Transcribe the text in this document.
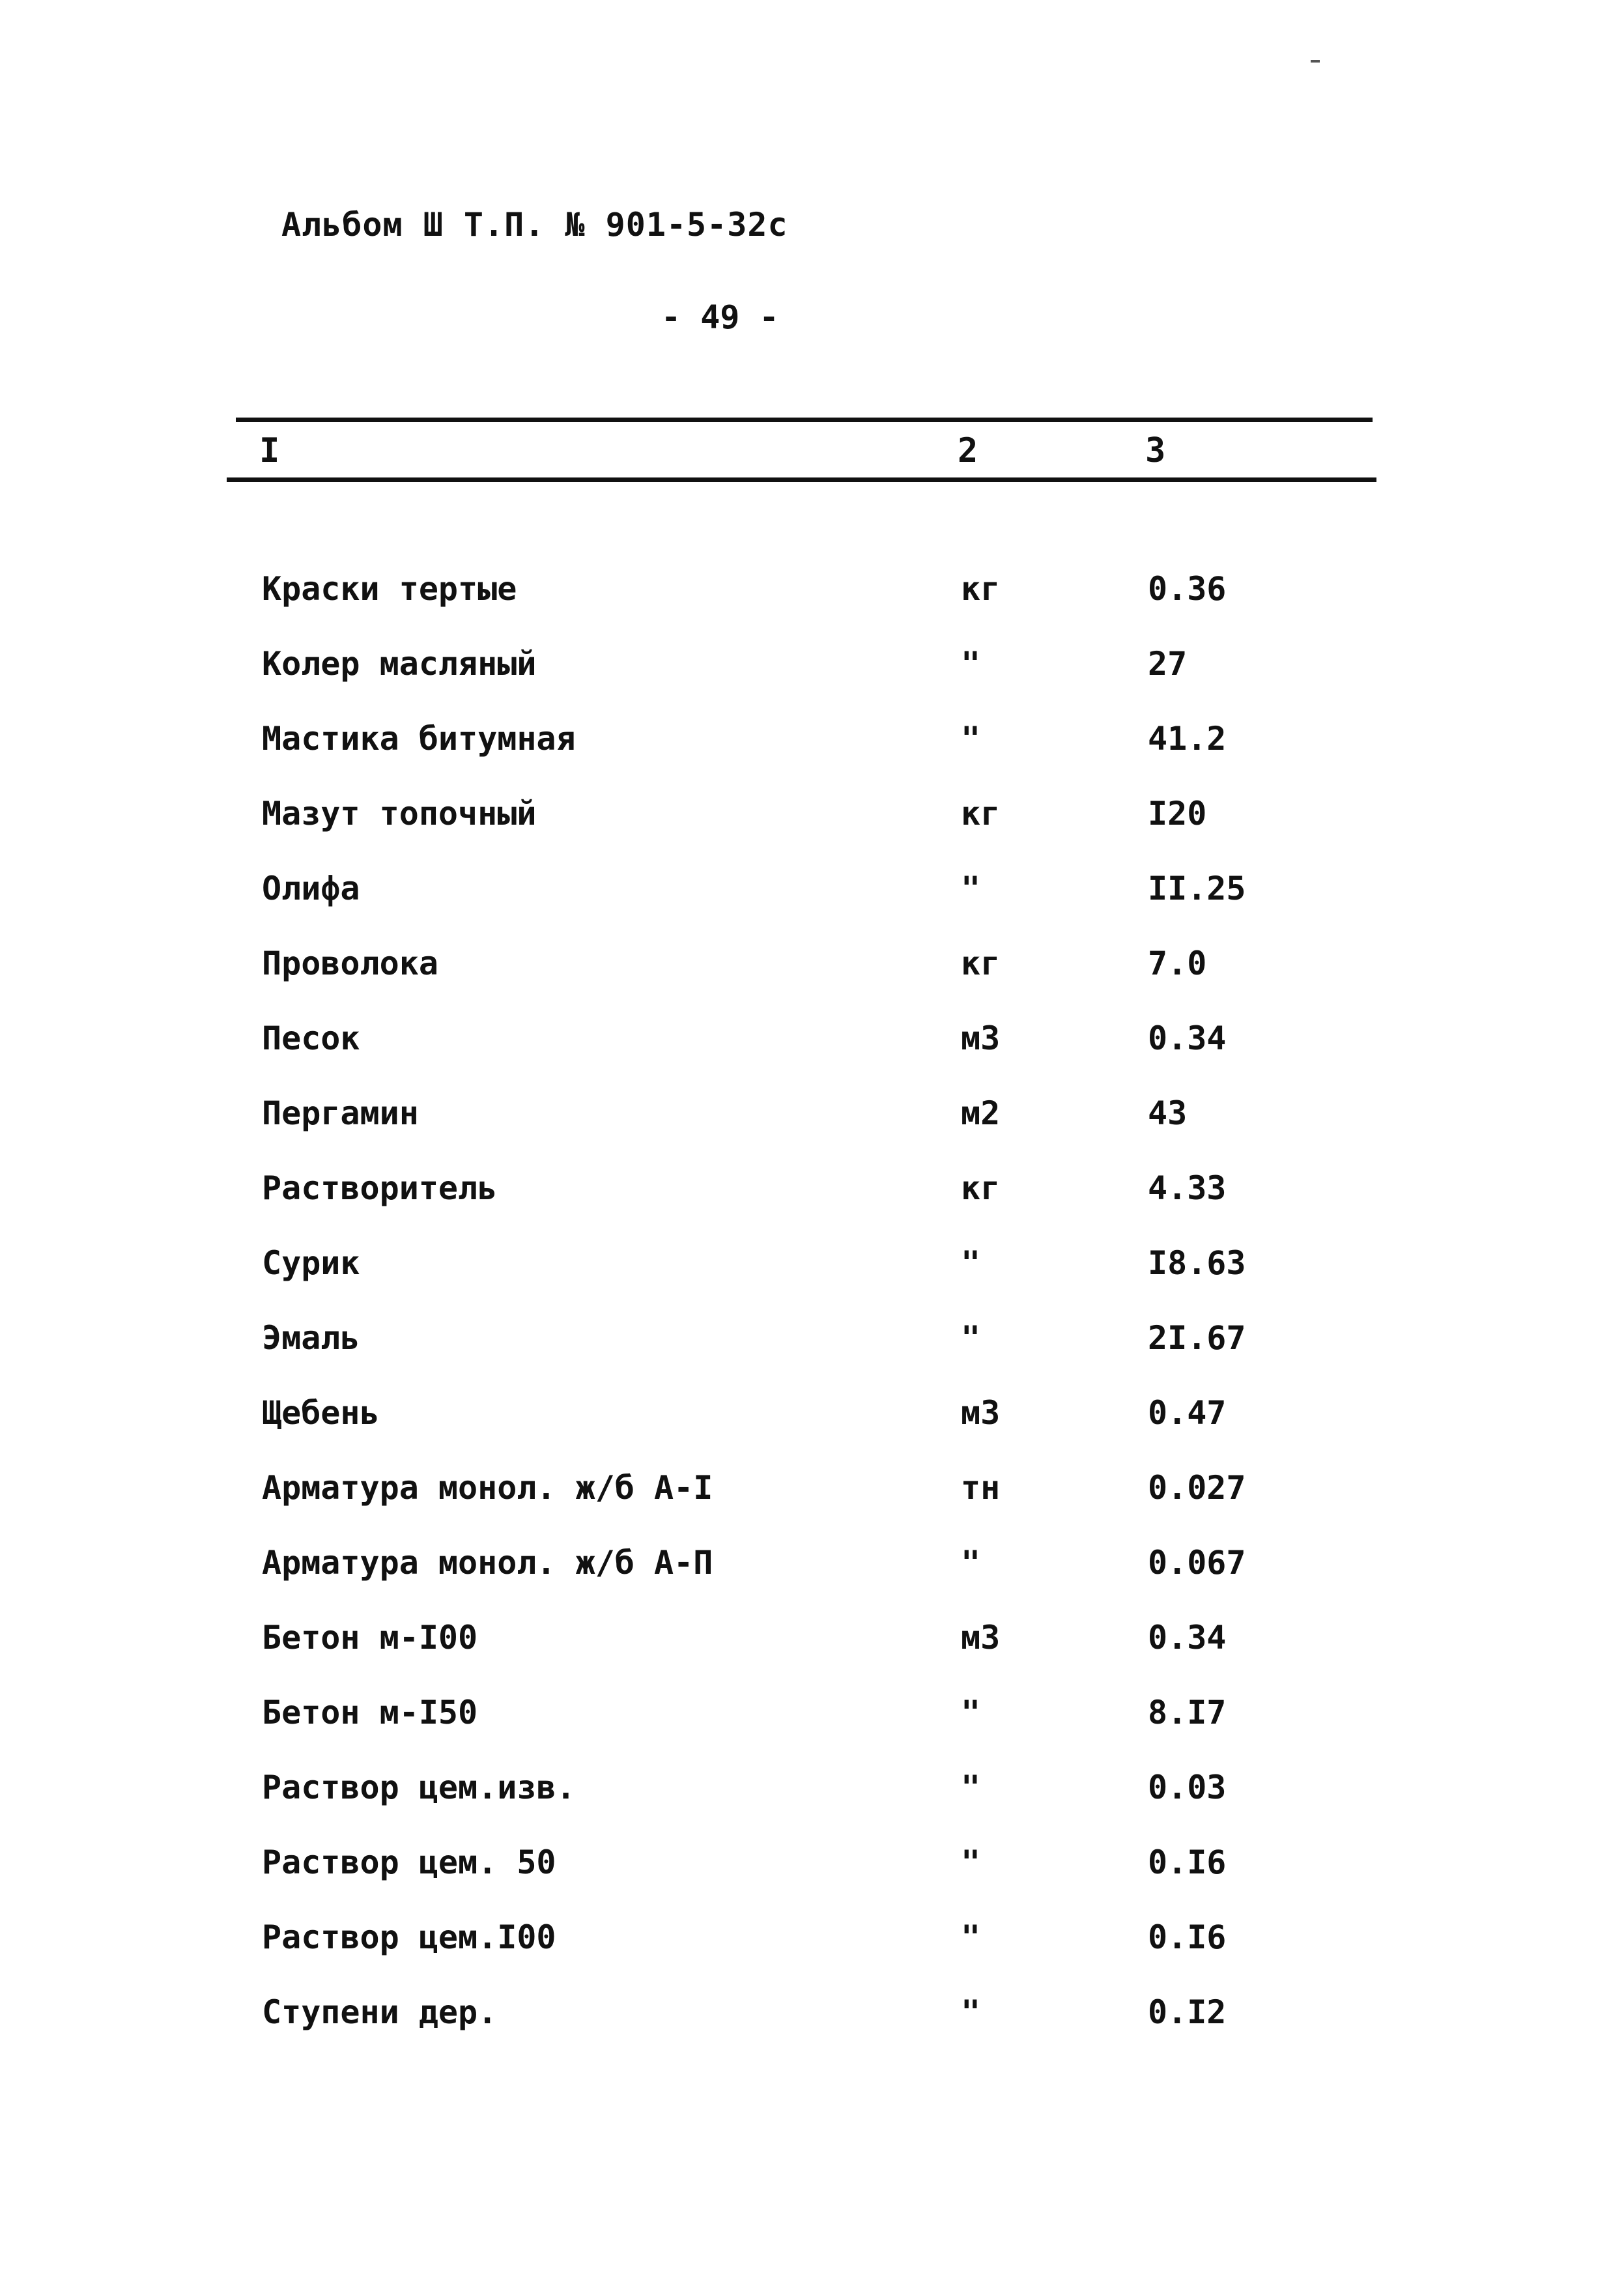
Альбом Ш Т.П. № 901-5-32с
- 49 -
I	2	3
Краски тертые	кг	0.36
Колер масляный	"	27
Мастика битумная	"	41.2
Мазут топочный	кг	I20
Олифа	"	II.25
Проволока	кг	7.0
Песок	м3	0.34
Пергамин	м2	43
Растворитель	кг	4.33
Сурик	"	I8.63
Эмаль	"	2I.67
Щебень	м3	0.47
Арматура монол. ж/б А-I	тн	0.027
Арматура монол. ж/б А-П	"	0.067
Бетон м-I00	м3	0.34
Бетон м-I50	"	8.I7
Раствор цем.изв.	"	0.03
Раствор цем. 50	"	0.I6
Раствор цем.I00	"	0.I6
Ступени дер.	"	0.I2
